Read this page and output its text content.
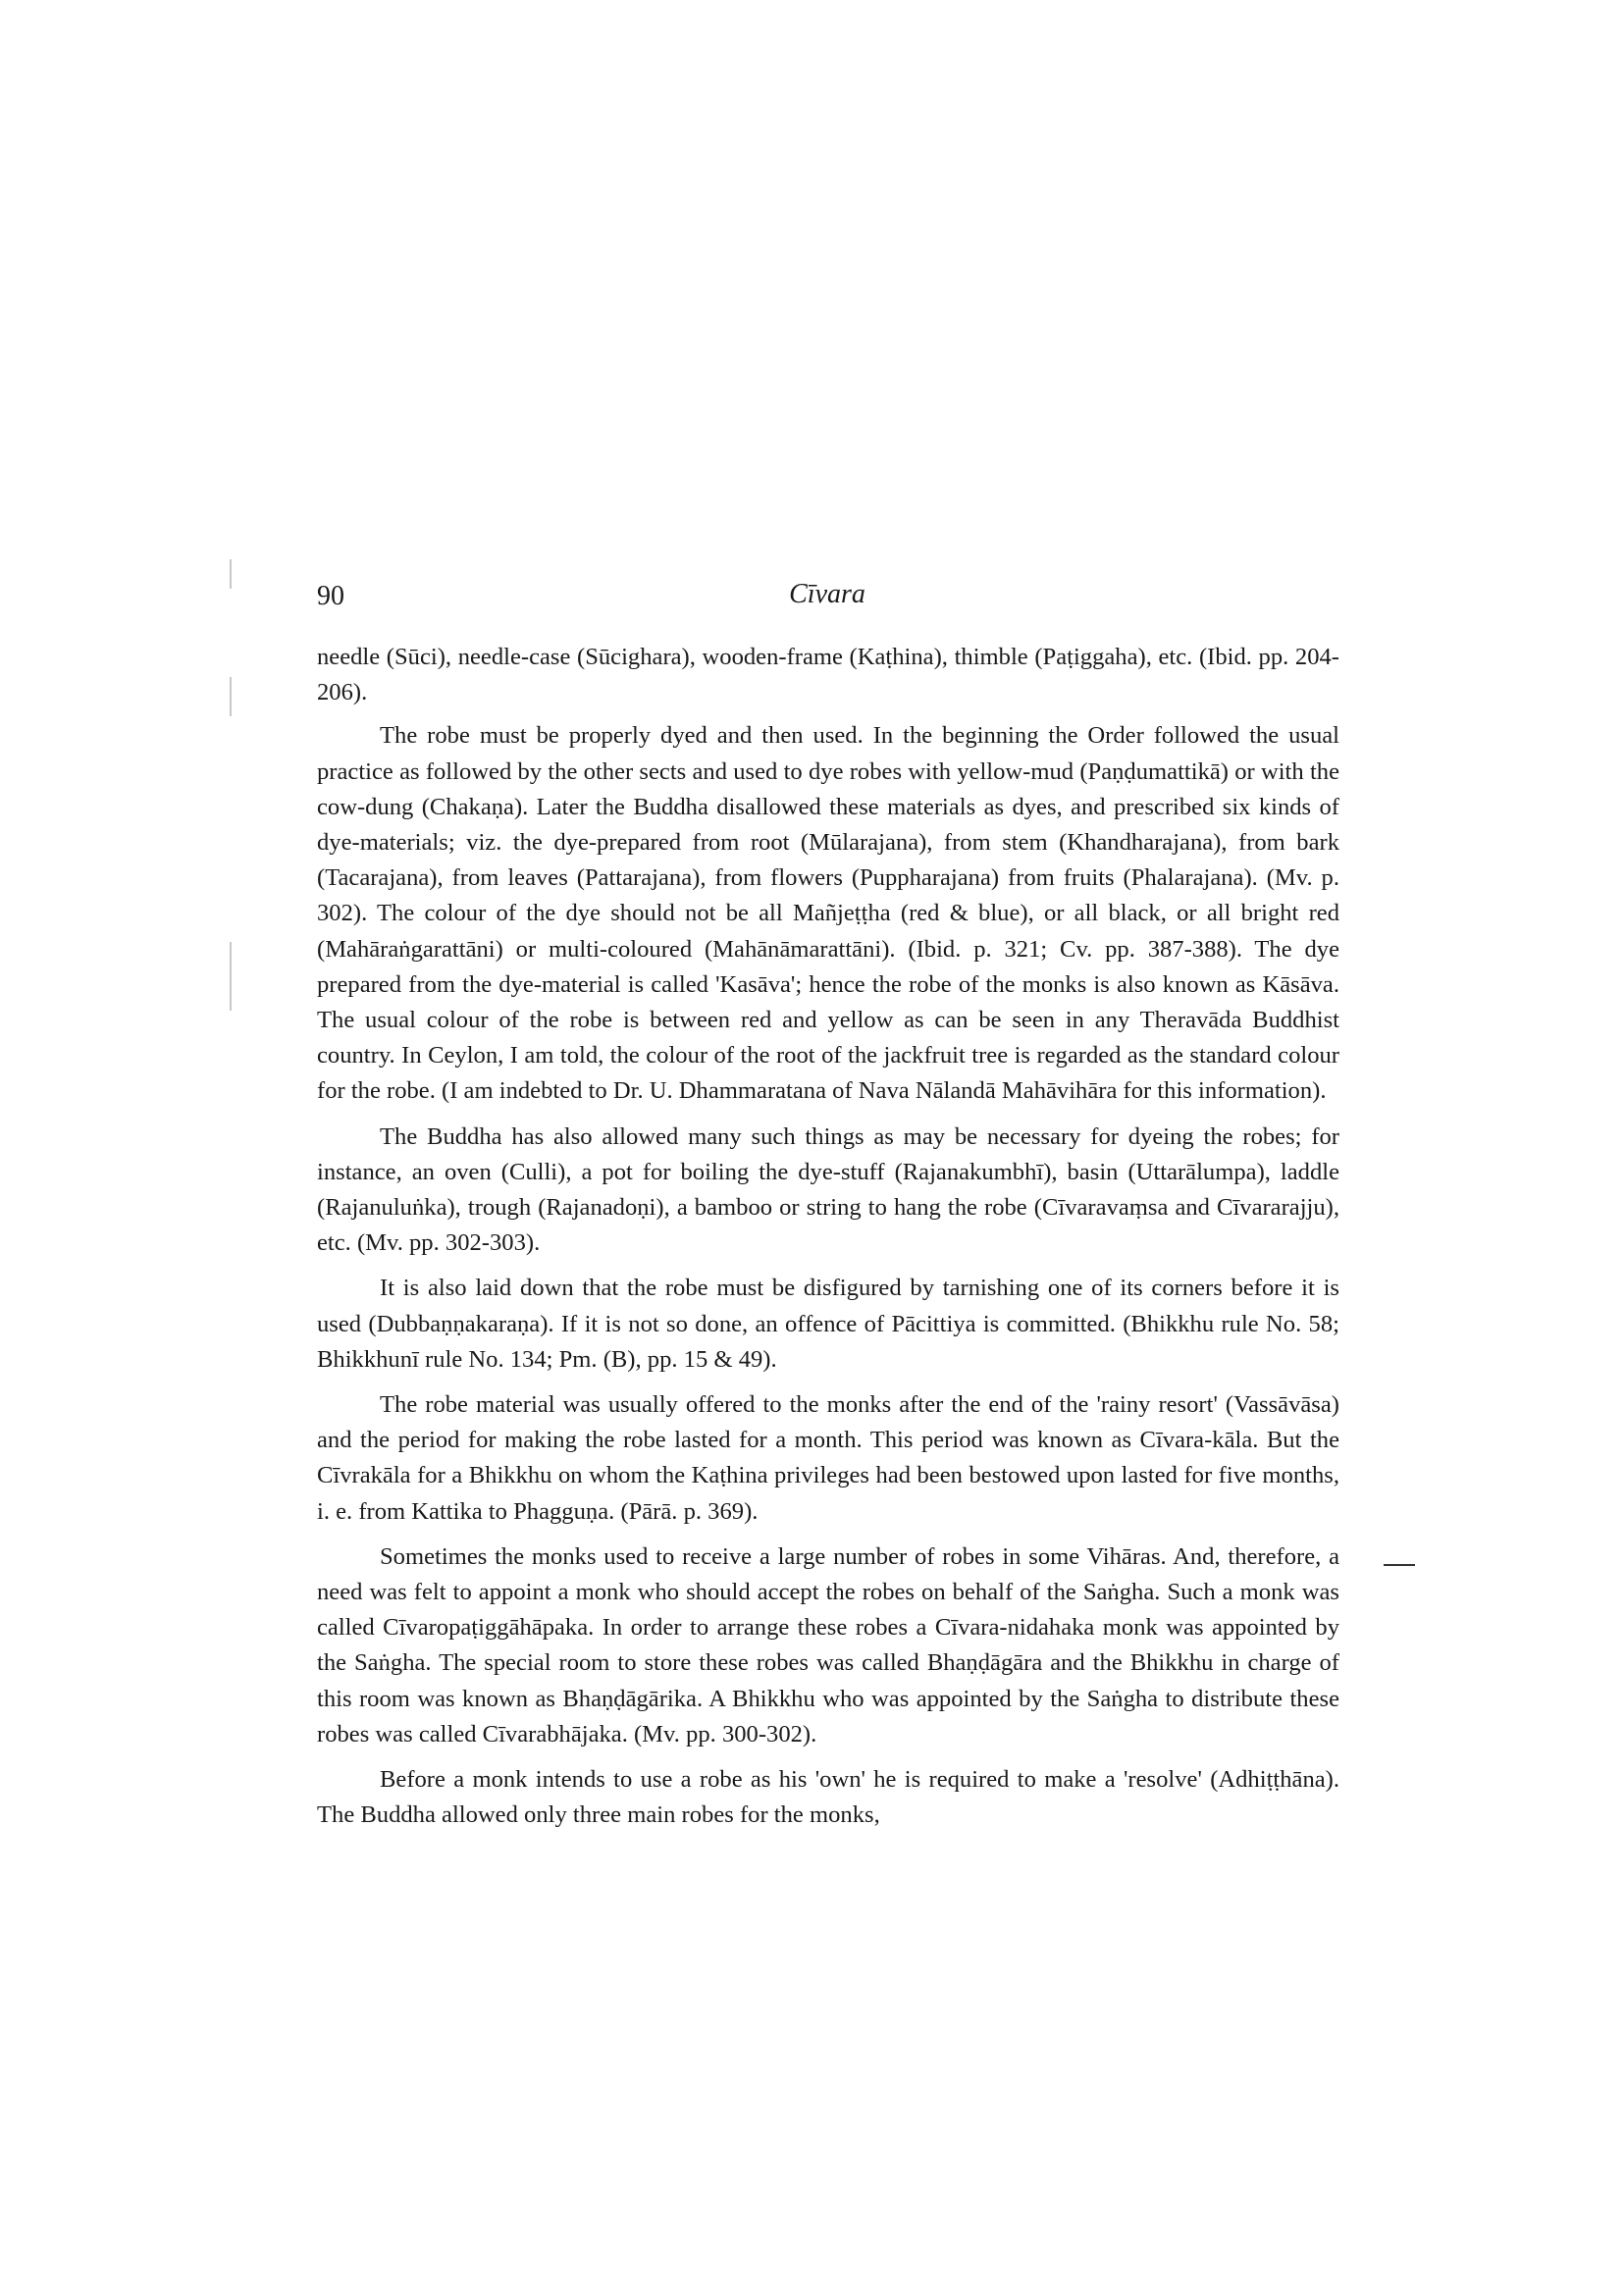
90	Cīvara

needle (Sūci), needle-case (Sūcighara), wooden-frame (Kaṭhina), thimble (Paṭiggaha), etc. (Ibid. pp. 204-206).

The robe must be properly dyed and then used. In the beginning the Order followed the usual practice as followed by the other sects and used to dye robes with yellow-mud (Paṇḍumattikā) or with the cow-dung (Chakaṇa). Later the Buddha disallowed these materials as dyes, and prescribed six kinds of dye-materials; viz. the dye-prepared from root (Mūlarajana), from stem (Khandharajana), from bark (Tacarajana), from leaves (Pattarajana), from flowers (Puppharajana) from fruits (Phalarajana). (Mv. p. 302). The colour of the dye should not be all Mañjeṭṭha (red & blue), or all black, or all bright red (Mahāraṅgarattāni) or multi-coloured (Mahānāmarattāni). (Ibid. p. 321; Cv. pp. 387-388). The dye prepared from the dye-material is called 'Kasāva'; hence the robe of the monks is also known as Kāsāva. The usual colour of the robe is between red and yellow as can be seen in any Theravāda Buddhist country. In Ceylon, I am told, the colour of the root of the jackfruit tree is regarded as the standard colour for the robe. (I am indebted to Dr. U. Dhammaratana of Nava Nālandā Mahāvihāra for this information).

The Buddha has also allowed many such things as may be necessary for dyeing the robes; for instance, an oven (Culli), a pot for boiling the dye-stuff (Rajanakumbhī), basin (Uttarālumpa), laddle (Rajanuluṅka), trough (Rajanadoṇi), a bamboo or string to hang the robe (Cīvaravaṃsa and Cīvararajju), etc. (Mv. pp. 302-303).

It is also laid down that the robe must be disfigured by tarnishing one of its corners before it is used (Dubbaṇṇakaraṇa). If it is not so done, an offence of Pācittiya is committed. (Bhikkhu rule No. 58; Bhikkhunī rule No. 134; Pm. (B), pp. 15 & 49).

The robe material was usually offered to the monks after the end of the 'rainy resort' (Vassāvāsa) and the period for making the robe lasted for a month. This period was known as Cīvara-kāla. But the Cīvrakāla for a Bhikkhu on whom the Kaṭhina privileges had been bestowed upon lasted for five months, i. e. from Kattika to Phagguṇa. (Pārā. p. 369).

Sometimes the monks used to receive a large number of robes in some Vihāras. And, therefore, a need was felt to appoint a monk who should accept the robes on behalf of the Saṅgha. Such a monk was called Cīvaropaṭiggāhāpaka. In order to arrange these robes a Cīvara-nidahaka monk was appointed by the Saṅgha. The special room to store these robes was called Bhaṇḍāgāra and the Bhikkhu in charge of this room was known as Bhaṇḍāgārika. A Bhikkhu who was appointed by the Saṅgha to distribute these robes was called Cīvarabhājaka. (Mv. pp. 300-302).

Before a monk intends to use a robe as his 'own' he is required to make a 'resolve' (Adhiṭṭhāna). The Buddha allowed only three main robes for the monks,
